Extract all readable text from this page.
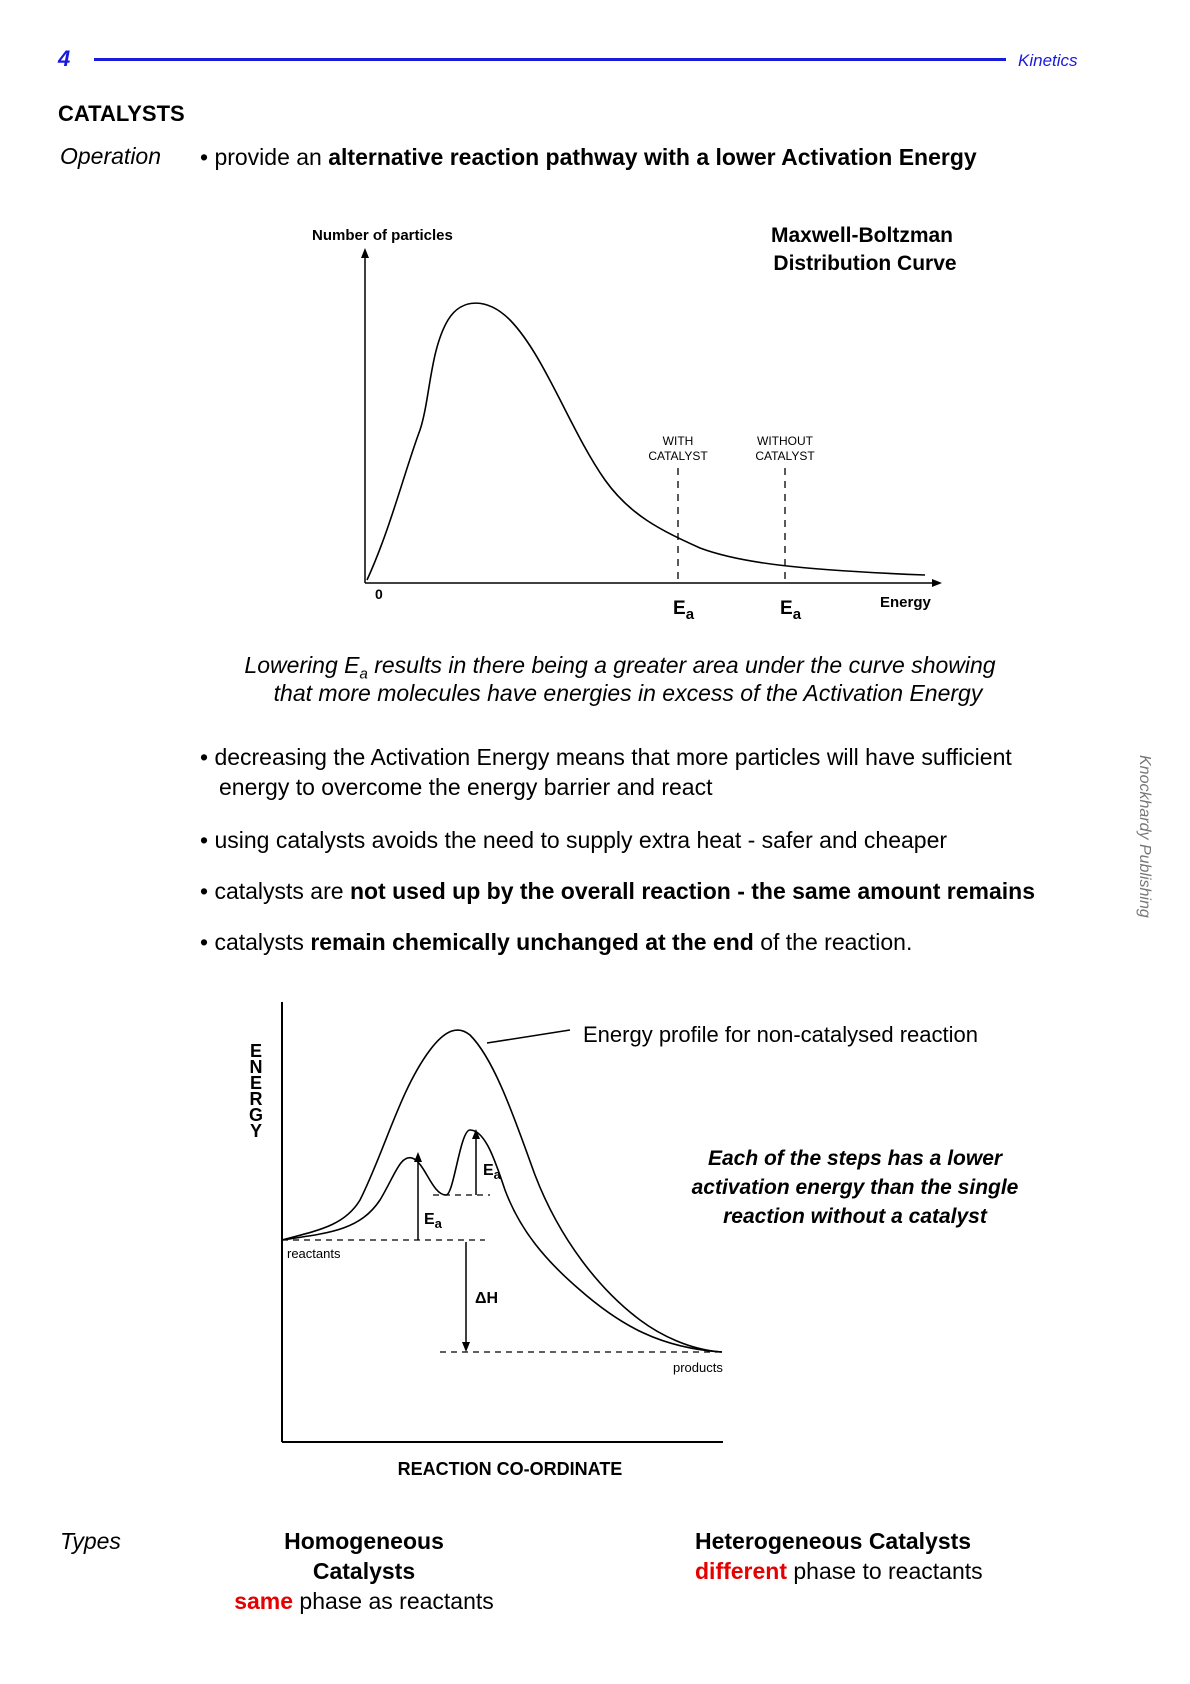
4	Kinetics
CATALYSTS
Operation • provide an alternative reaction pathway with a lower Activation Energy
Number of particles	Maxwell-Boltzman
Distribution Curve
0	Energy
WITH
CATALYST
WITHOUT
CATALYST
$E_a$	$E_a$
Lowering $E_a$ results in there being a greater area under the curve showing
that more molecules have energies in excess of the Activation Energy
• decreasing the Activation Energy means that more particles will have sufficient
energy to overcome the energy barrier and react
• using catalysts avoids the need to supply extra heat - safer and cheaper
• catalysts are not used up by the overall reaction - the same amount remains
• catalysts remain chemically unchanged at the end of the reaction.
Knockhardy Publishing
E N E R G Y
Energy profile for non-catalysed reaction
Each of the steps has a lower
activation energy than the single
reaction without a catalyst
reactants
products
ΔH
$E_a$
$E_a$
REACTION CO-ORDINATE
Types	Homogeneous Catalysts
same phase as reactants
Heterogeneous Catalysts
different phase to reactants
